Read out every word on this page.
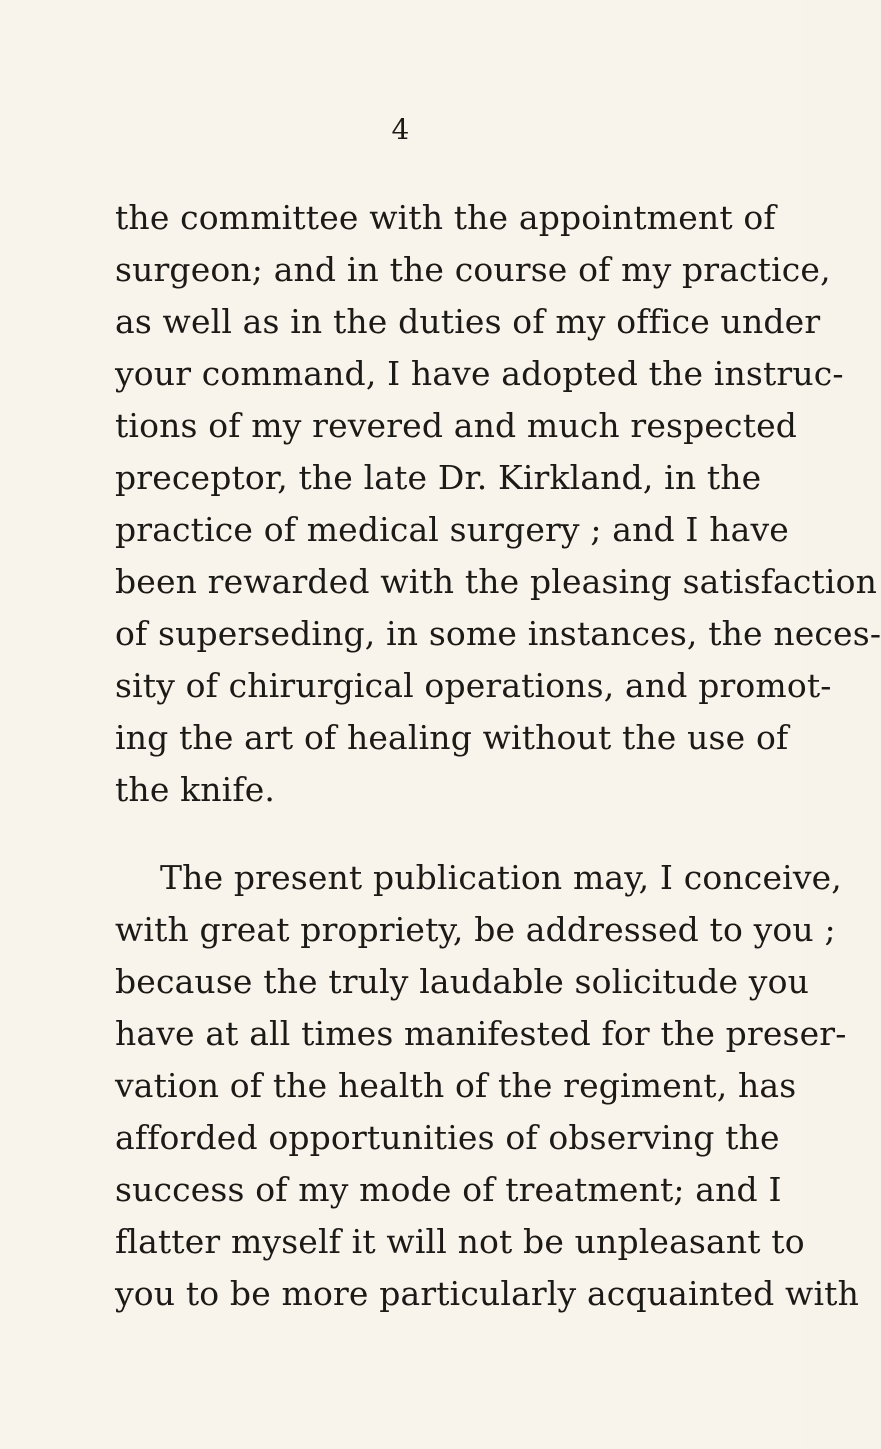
4
the committee with the appointment of
surgeon; and in the course of my practice,
as well as in the duties of my office under
your command, I have adopted the instruc-
tions of my revered and much respected
preceptor, the late Dr. Kirkland, in the
practice of medical surgery ; and I have
been rewarded with the pleasing satisfaction
of superseding, in some instances, the neces-
sity of chirurgical operations, and promot-
ing the art of healing without the use of
the knife.
The present publication may, I conceive,
with great propriety, be addressed to you ;
because the truly laudable solicitude you
have at all times manifested for the preser-
vation of the health of the regiment, has
afforded opportunities of observing the
success of my mode of treatment; and I
flatter myself it will not be unpleasant to
you to be more particularly acquainted with
